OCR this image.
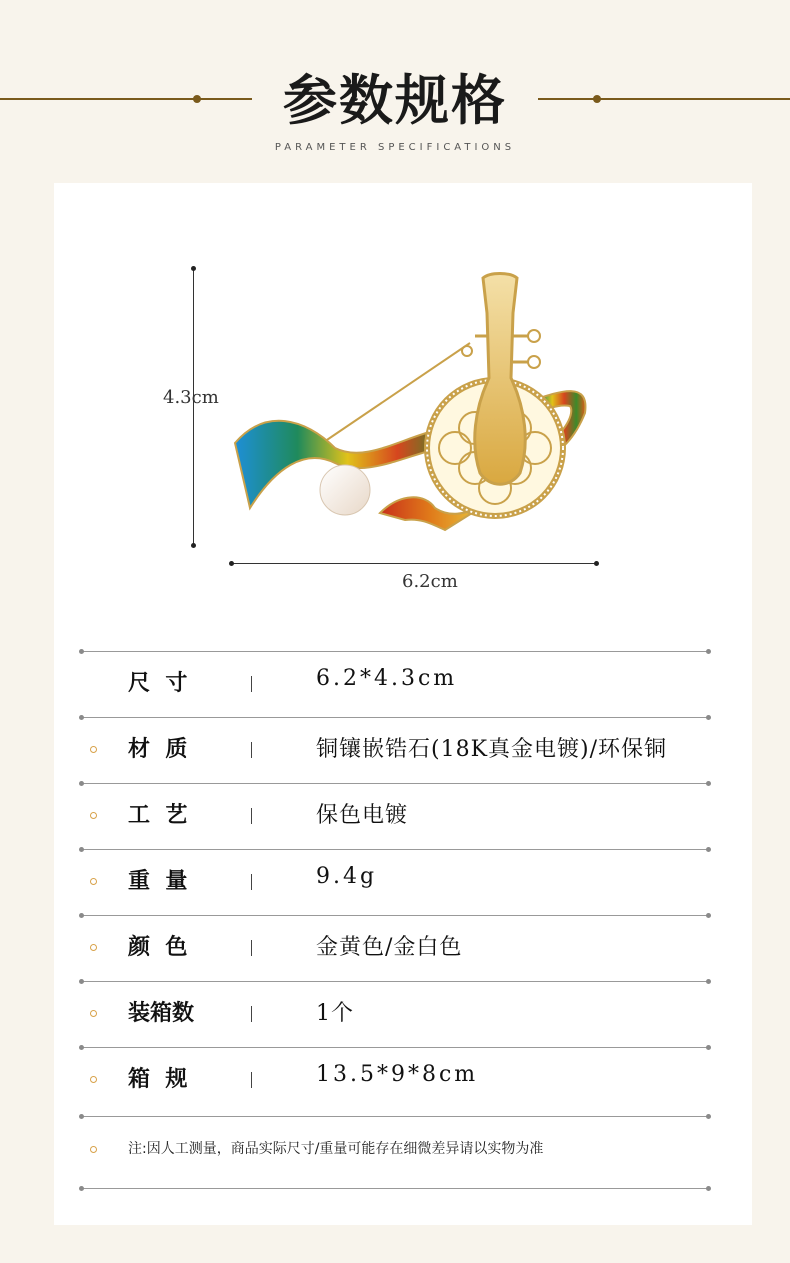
参数规格
PARAMETER SPECIFICATIONS
4.3cm
6.2cm
尺  寸	6.2*4.3cm
材  质	铜镶嵌锆石(18K真金电镀)/环保铜
工  艺	保色电镀
重  量	9.4g
颜  色	金黄色/金白色
装箱数	1个
箱  规	13.5*9*8cm
注:因人工测量，商品实际尺寸/重量可能存在细微差异请以实物为准
